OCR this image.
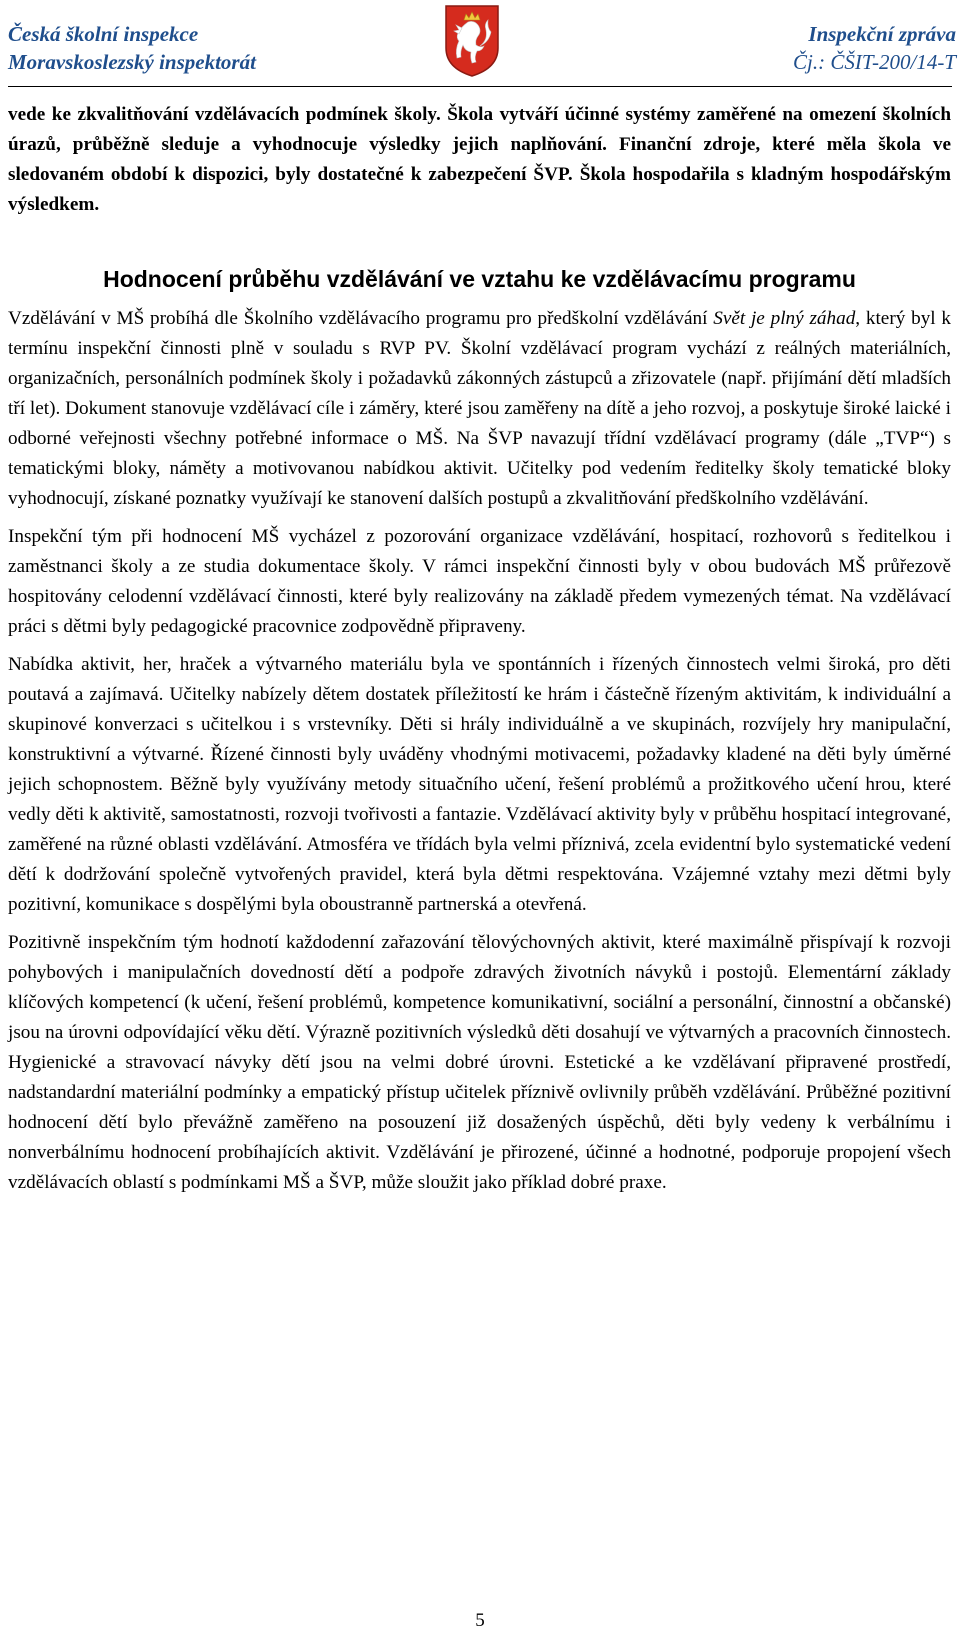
Česká školní inspekce
Moravskoslezský inspektorát
Inspekční zpráva
Čj.: ČŠIT-200/14-T

vede ke zkvalitňování vzdělávacích podmínek školy. Škola vytváří účinné systémy zaměřené na omezení školních úrazů, průběžně sleduje a vyhodnocuje výsledky jejich naplňování. Finanční zdroje, které měla škola ve sledovaném období k dispozici, byly dostatečné k zabezpečení ŠVP. Škola hospodařila s kladným hospodářským výsledkem.

Hodnocení průběhu vzdělávání ve vztahu ke vzdělávacímu programu

Vzdělávání v MŠ probíhá dle Školního vzdělávacího programu pro předškolní vzdělávání Svět je plný záhad, který byl k termínu inspekční činnosti plně v souladu s RVP PV. Školní vzdělávací program vychází z reálných materiálních, organizačních, personálních podmínek školy i požadavků zákonných zástupců a zřizovatele (např. přijímání dětí mladších tří let). Dokument stanovuje vzdělávací cíle i záměry, které jsou zaměřeny na dítě a jeho rozvoj, a poskytuje široké laické i odborné veřejnosti všechny potřebné informace o MŠ. Na ŠVP navazují třídní vzdělávací programy (dále „TVP“) s tematickými bloky, náměty a motivovanou nabídkou aktivit. Učitelky pod vedením ředitelky školy tematické bloky vyhodnocují, získané poznatky využívají ke stanovení dalších postupů a zkvalitňování předškolního vzdělávání.

Inspekční tým při hodnocení MŠ vycházel z pozorování organizace vzdělávání, hospitací, rozhovorů s ředitelkou i zaměstnanci školy a ze studia dokumentace školy. V rámci inspekční činnosti byly v obou budovách MŠ průřezově hospitovány celodenní vzdělávací činnosti, které byly realizovány na základě předem vymezených témat. Na vzdělávací práci s dětmi byly pedagogické pracovnice zodpovědně připraveny.

Nabídka aktivit, her, hraček a výtvarného materiálu byla ve spontánních i řízených činnostech velmi široká, pro děti poutavá a zajímavá. Učitelky nabízely dětem dostatek příležitostí ke hrám i částečně řízeným aktivitám, k individuální a skupinové konverzaci s učitelkou i s vrstevníky. Děti si hrály individuálně a ve skupinách, rozvíjely hry manipulační, konstruktivní a výtvarné. Řízené činnosti byly uváděny vhodnými motivacemi, požadavky kladené na děti byly úměrné jejich schopnostem. Běžně byly využívány metody situačního učení, řešení problémů a prožitkového učení hrou, které vedly děti k aktivitě, samostatnosti, rozvoji tvořivosti a fantazie. Vzdělávací aktivity byly v průběhu hospitací integrované, zaměřené na různé oblasti vzdělávání. Atmosféra ve třídách byla velmi příznivá, zcela evidentní bylo systematické vedení dětí k dodržování společně vytvořených pravidel, která byla dětmi respektována. Vzájemné vztahy mezi dětmi byly pozitivní, komunikace s dospělými byla oboustranně partnerská a otevřená.

Pozitivně inspekčním tým hodnotí každodenní zařazování tělovýchovných aktivit, které maximálně přispívají k rozvoji pohybových i manipulačních dovedností dětí a podpoře zdravých životních návyků i postojů. Elementární základy klíčových kompetencí (k učení, řešení problémů, kompetence komunikativní, sociální a personální, činnostní a občanské) jsou na úrovni odpovídající věku dětí. Výrazně pozitivních výsledků děti dosahují ve výtvarných a pracovních činnostech. Hygienické a stravovací návyky dětí jsou na velmi dobré úrovni. Estetické a ke vzdělávaní připravené prostředí, nadstandardní materiální podmínky a empatický přístup učitelek příznivě ovlivnily průběh vzdělávání. Průběžné pozitivní hodnocení dětí bylo převážně zaměřeno na posouzení již dosažených úspěchů, děti byly vedeny k verbálnímu i nonverbálnímu hodnocení probíhajících aktivit. Vzdělávání je přirozené, účinné a hodnotné, podporuje propojení všech vzdělávacích oblastí s podmínkami MŠ a ŠVP, může sloužit jako příklad dobré praxe.

5
